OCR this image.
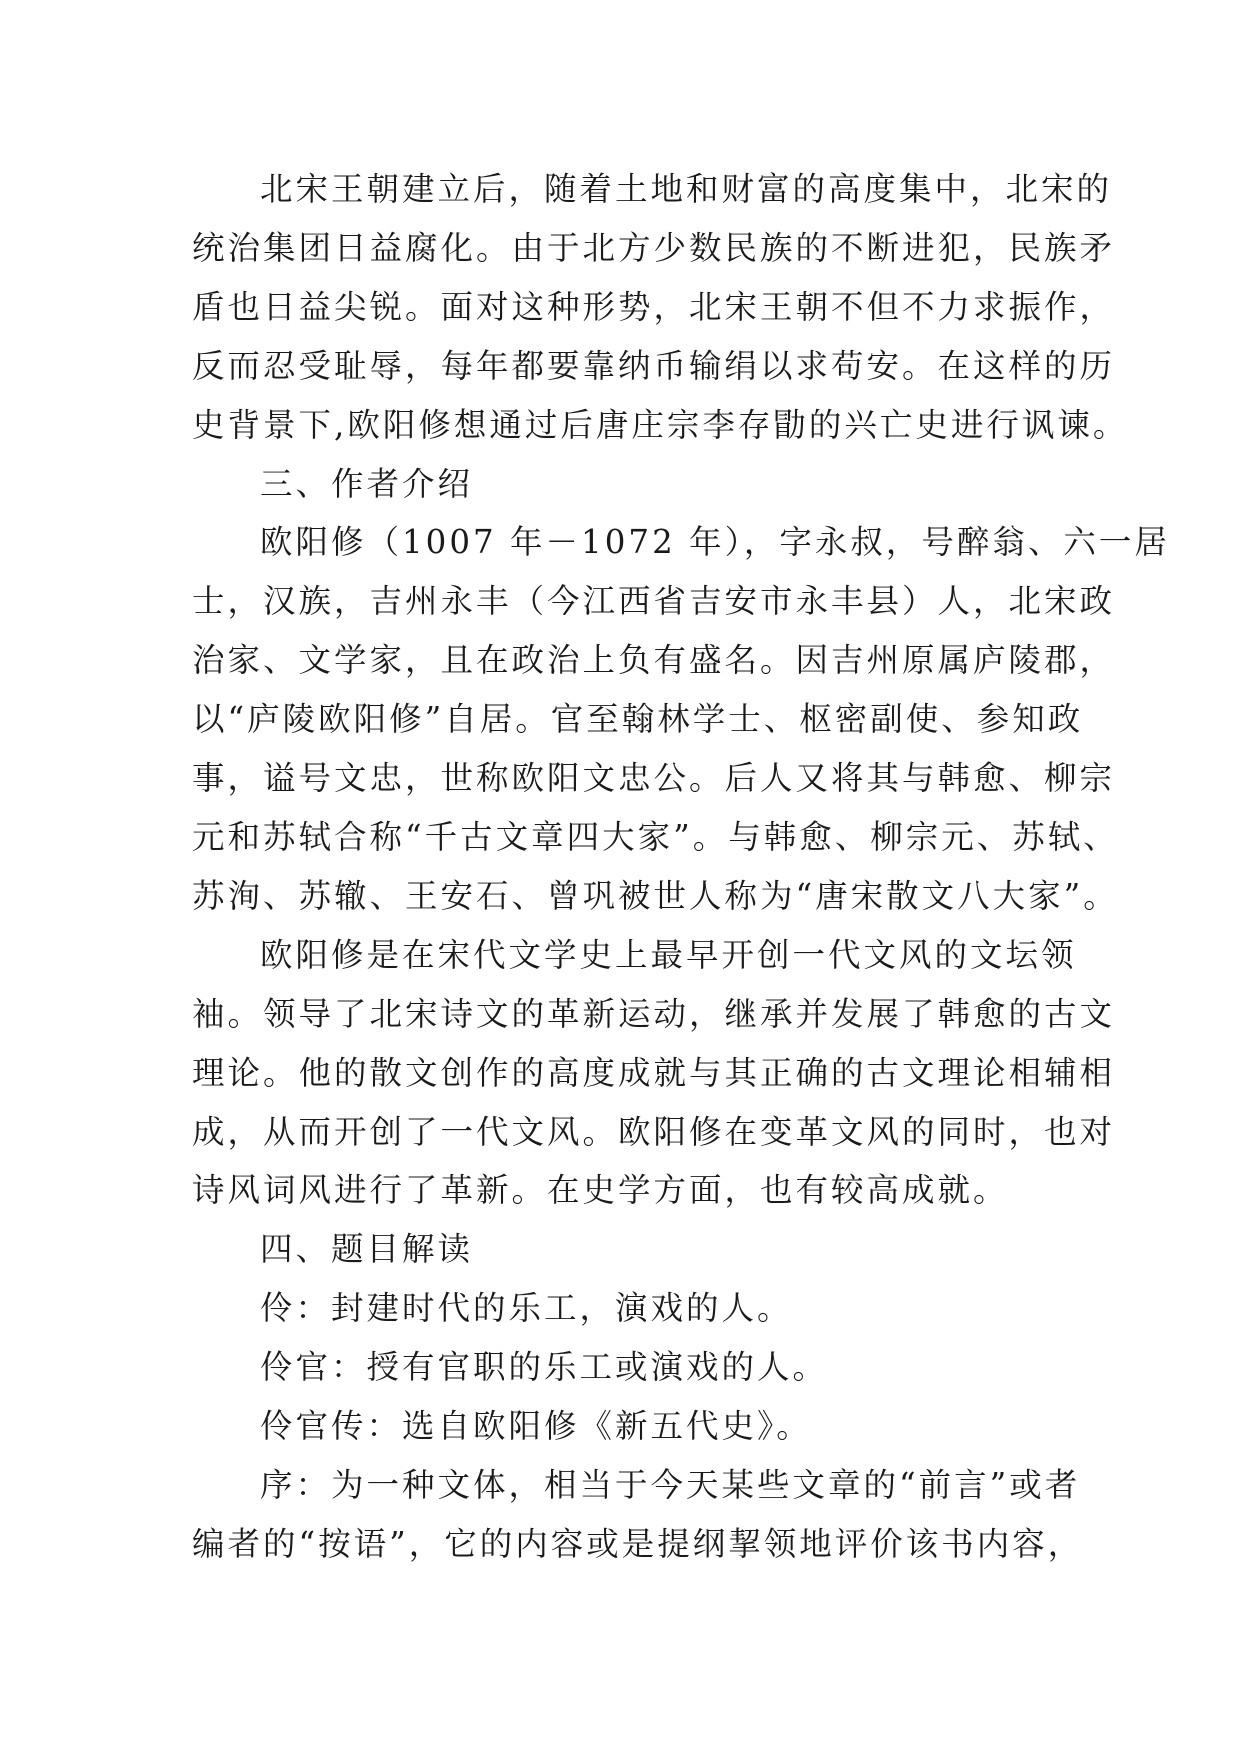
北宋王朝建立后，随着土地和财富的高度集中，北宋的
统治集团日益腐化。由于北方少数民族的不断进犯，民族矛
盾也日益尖锐。面对这种形势，北宋王朝不但不力求振作，
反而忍受耻辱，每年都要靠纳币输绢以求苟安。在这样的历
史背景下,欧阳修想通过后唐庄宗李存勖的兴亡史进行讽谏。

三、作者介绍

欧阳修（1007 年－1072 年），字永叔，号醉翁、六一居
士，汉族，吉州永丰（今江西省吉安市永丰县）人，北宋政
治家、文学家，且在政治上负有盛名。因吉州原属庐陵郡，
以“庐陵欧阳修”自居。官至翰林学士、枢密副使、参知政
事，谥号文忠，世称欧阳文忠公。后人又将其与韩愈、柳宗
元和苏轼合称“千古文章四大家”。与韩愈、柳宗元、苏轼、
苏洵、苏辙、王安石、曾巩被世人称为“唐宋散文八大家”。

欧阳修是在宋代文学史上最早开创一代文风的文坛领
袖。领导了北宋诗文的革新运动，继承并发展了韩愈的古文
理论。他的散文创作的高度成就与其正确的古文理论相辅相
成，从而开创了一代文风。欧阳修在变革文风的同时，也对
诗风词风进行了革新。在史学方面，也有较高成就。

四、题目解读

伶：封建时代的乐工，演戏的人。

伶官：授有官职的乐工或演戏的人。

伶官传：选自欧阳修《新五代史》。

序：为一种文体，相当于今天某些文章的“前言”或者
编者的“按语”，它的内容或是提纲挈领地评价该书内容，
